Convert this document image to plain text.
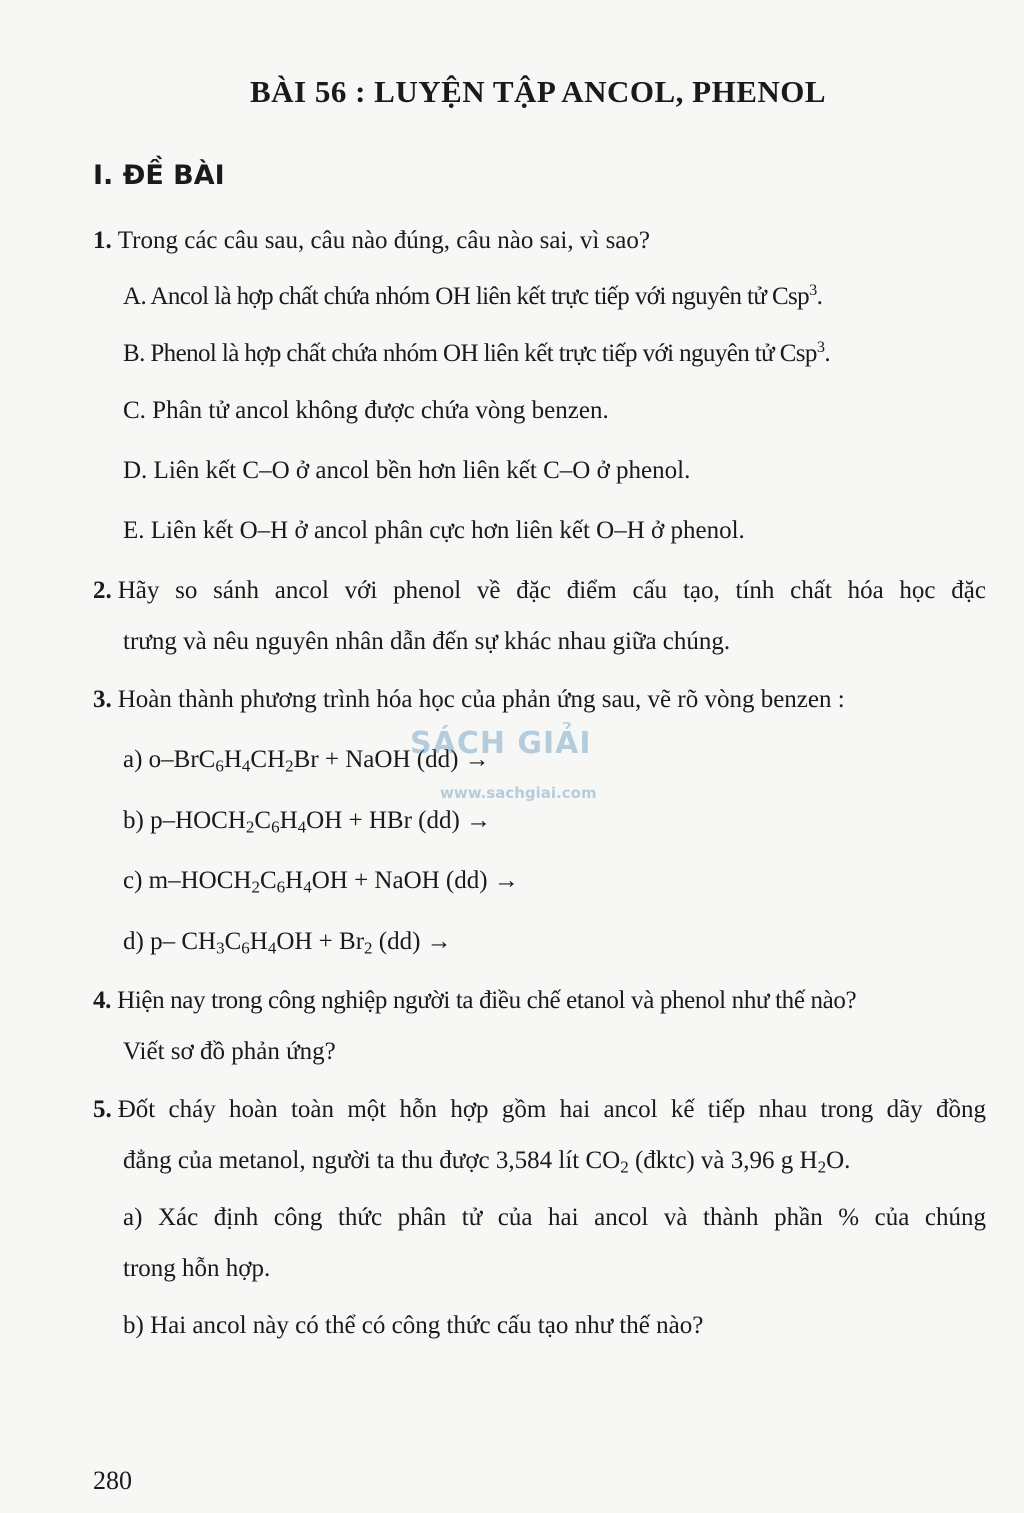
BÀI 56 : LUYỆN TẬP ANCOL, PHENOL
I. ĐỀ BÀI
1. Trong các câu sau, câu nào đúng, câu nào sai, vì sao?
A. Ancol là hợp chất chứa nhóm OH liên kết trực tiếp với nguyên tử Csp$^3$.
B. Phenol là hợp chất chứa nhóm OH liên kết trực tiếp với nguyên tử Csp$^3$.
C. Phân tử ancol không được chứa vòng benzen.
D. Liên kết C–O ở ancol bền hơn liên kết C–O ở phenol.
E. Liên kết O–H ở ancol phân cực hơn liên kết O–H ở phenol.
2. Hãy so sánh ancol với phenol về đặc điểm cấu tạo, tính chất hóa học đặc
trưng và nêu nguyên nhân dẫn đến sự khác nhau giữa chúng.
3. Hoàn thành phương trình hóa học của phản ứng sau, vẽ rõ vòng benzen :
a) $o-BrC_6H_4CH_2Br$ + NaOH (dd) →
b) $p-HOCH_2C_6H_4OH$ + HBr (dd) →
c) $m-HOCH_2C_6H_4OH$ + NaOH (dd) →
d) p– $CH_3C_6H_4OH + Br_2$ (dd) →
4. Hiện nay trong công nghiệp người ta điều chế etanol và phenol như thế nào?
Viết sơ đồ phản ứng?
5. Đốt cháy hoàn toàn một hỗn hợp gồm hai ancol kế tiếp nhau trong dãy đồng
đẳng của metanol, người ta thu được 3,584 lít $CO_2$ (đktc) và 3,96 g $H_2O$.
a) Xác định công thức phân tử của hai ancol và thành phần % của chúng
trong hỗn hợp.
b) Hai ancol này có thể có công thức cấu tạo như thế nào?
SÁCH GIẢI
www.sachgiai.com
280
